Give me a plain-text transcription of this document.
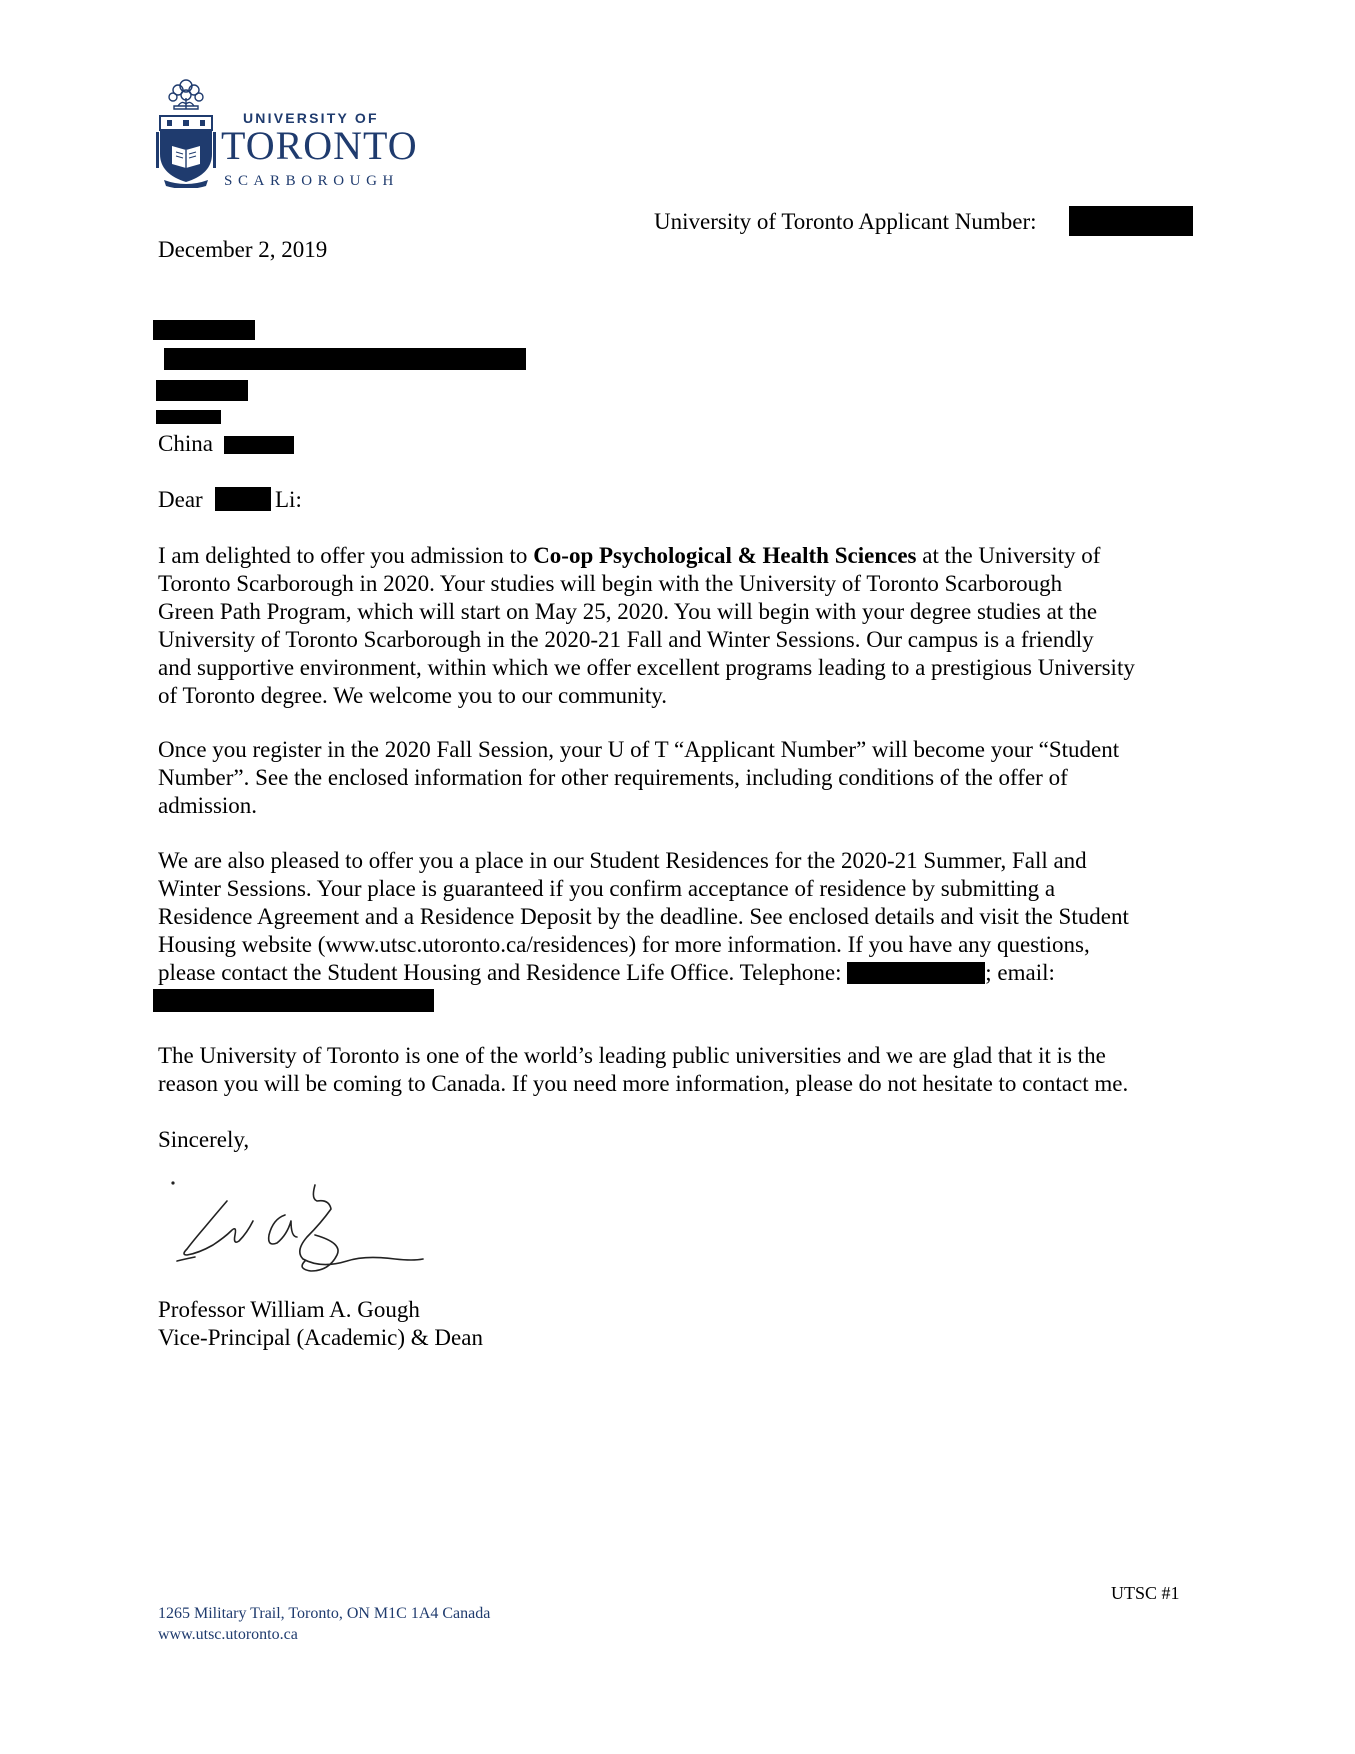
UNIVERSITY OF
TORONTO
SCARBOROUGH
University of Toronto Applicant Number:
December 2, 2019
China
Dear	Li:
I am delighted to offer you admission to Co-op Psychological & Health Sciences at the University of
Toronto Scarborough in 2020. Your studies will begin with the University of Toronto Scarborough
Green Path Program, which will start on May 25, 2020. You will begin with your degree studies at the
University of Toronto Scarborough in the 2020-21 Fall and Winter Sessions. Our campus is a friendly
and supportive environment, within which we offer excellent programs leading to a prestigious University
of Toronto degree. We welcome you to our community.
Once you register in the 2020 Fall Session, your U of T “Applicant Number” will become your “Student
Number”. See the enclosed information for other requirements, including conditions of the offer of
admission.
We are also pleased to offer you a place in our Student Residences for the 2020-21 Summer, Fall and
Winter Sessions. Your place is guaranteed if you confirm acceptance of residence by submitting a
Residence Agreement and a Residence Deposit by the deadline. See enclosed details and visit the Student
Housing website (www.utsc.utoronto.ca/residences) for more information. If you have any questions,
please contact the Student Housing and Residence Life Office. Telephone:	; email:
The University of Toronto is one of the world’s leading public universities and we are glad that it is the
reason you will be coming to Canada. If you need more information, please do not hesitate to contact me.
Sincerely,
Professor William A. Gough
Vice-Principal (Academic) & Dean
UTSC #1
1265 Military Trail, Toronto, ON M1C 1A4 Canada
www.utsc.utoronto.ca
